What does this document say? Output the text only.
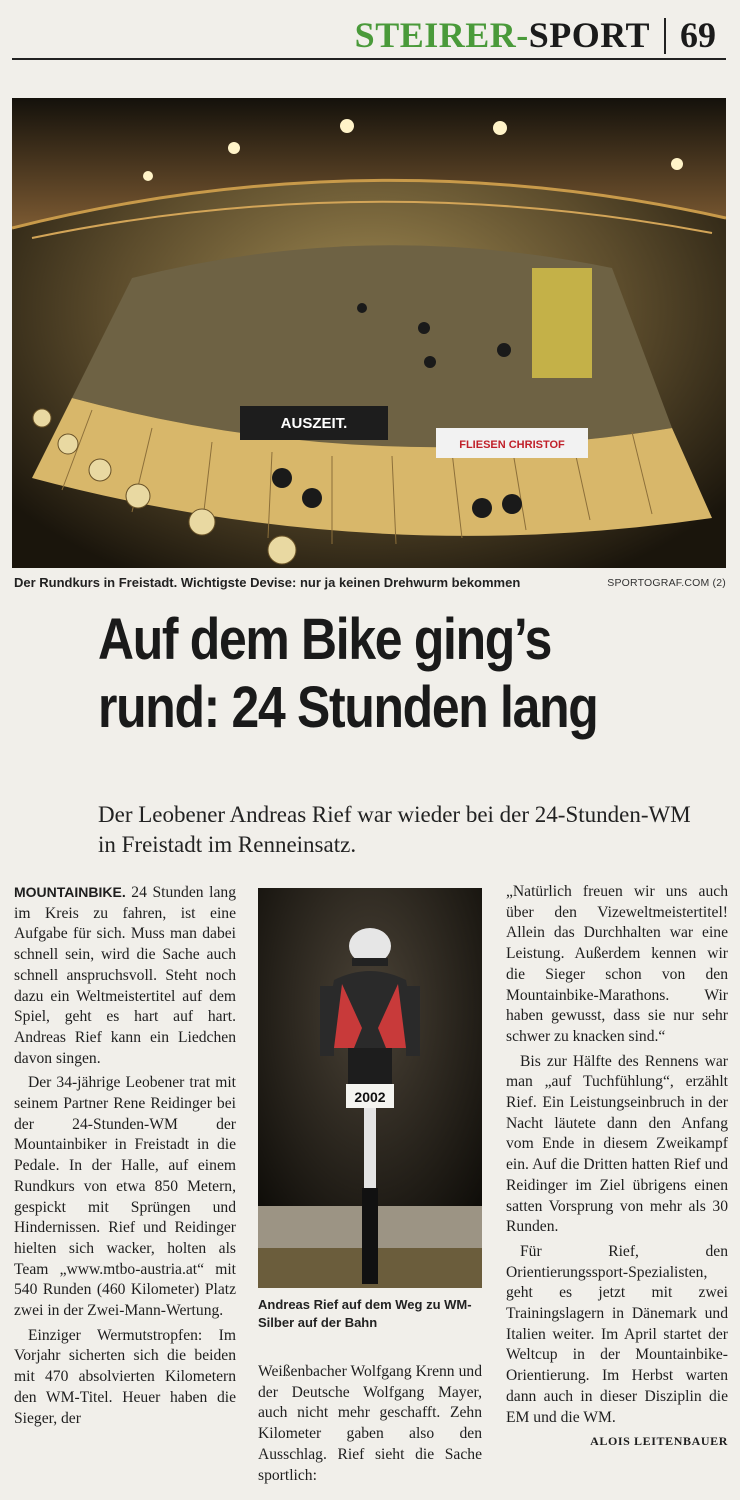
STEIRER-SPORT 69
AUSZEIT.
FLIESEN CHRISTOF
Der Rundkurs in Freistadt. Wichtigste Devise: nur ja keinen Drehwurm bekommen	SPORTOGRAF.COM (2)
Auf dem Bike ging’s
rund: 24 Stunden lang
Der Leobener Andreas Rief war wieder bei der 24-Stunden-WM in Freistadt im Renneinsatz.

MOUNTAINBIKE. 24 Stunden lang im Kreis zu fahren, ist eine Aufgabe für sich. Muss man dabei schnell sein, wird die Sache auch schnell anspruchsvoll. Steht noch dazu ein Weltmeistertitel auf dem Spiel, geht es hart auf hart. Andreas Rief kann ein Liedchen davon singen.

Der 34-jährige Leobener trat mit seinem Partner Rene Reidinger bei der 24-Stunden-WM der Mountainbiker in Freistadt in die Pedale. In der Halle, auf einem Rundkurs von etwa 850 Metern, gespickt mit Sprüngen und Hindernissen. Rief und Reidinger hielten sich wacker, holten als Team „www.mtbo-austria.at“ mit 540 Runden (460 Kilometer) Platz zwei in der Zwei-Mann-Wertung.

Einziger Wermutstropfen: Im Vorjahr sicherten sich die beiden mit 470 absolvierten Kilometern den WM-Titel. Heuer haben die Sieger, der

2002
Andreas Rief auf dem Weg zu WM-Silber auf der Bahn

Weißenbacher Wolfgang Krenn und der Deutsche Wolfgang Mayer, auch nicht mehr geschafft. Zehn Kilometer gaben also den Ausschlag. Rief sieht die Sache sportlich:

„Natürlich freuen wir uns auch über den Vizeweltmeistertitel! Allein das Durchhalten war eine Leistung. Außerdem kennen wir die Sieger schon von den Mountainbike-Marathons. Wir haben gewusst, dass sie nur sehr schwer zu knacken sind.“

Bis zur Hälfte des Rennens war man „auf Tuchfühlung“, erzählt Rief. Ein Leistungseinbruch in der Nacht läutete dann den Anfang vom Ende in diesem Zweikampf ein. Auf die Dritten hatten Rief und Reidinger im Ziel übrigens einen satten Vorsprung von mehr als 30 Runden.

Für Rief, den Orientierungssport-Spezialisten, geht es jetzt mit zwei Trainingslagern in Dänemark und Italien weiter. Im April startet der Weltcup in der Mountainbike-Orientierung. Im Herbst warten dann auch in dieser Disziplin die EM und die WM.
ALOIS LEITENBAUER
